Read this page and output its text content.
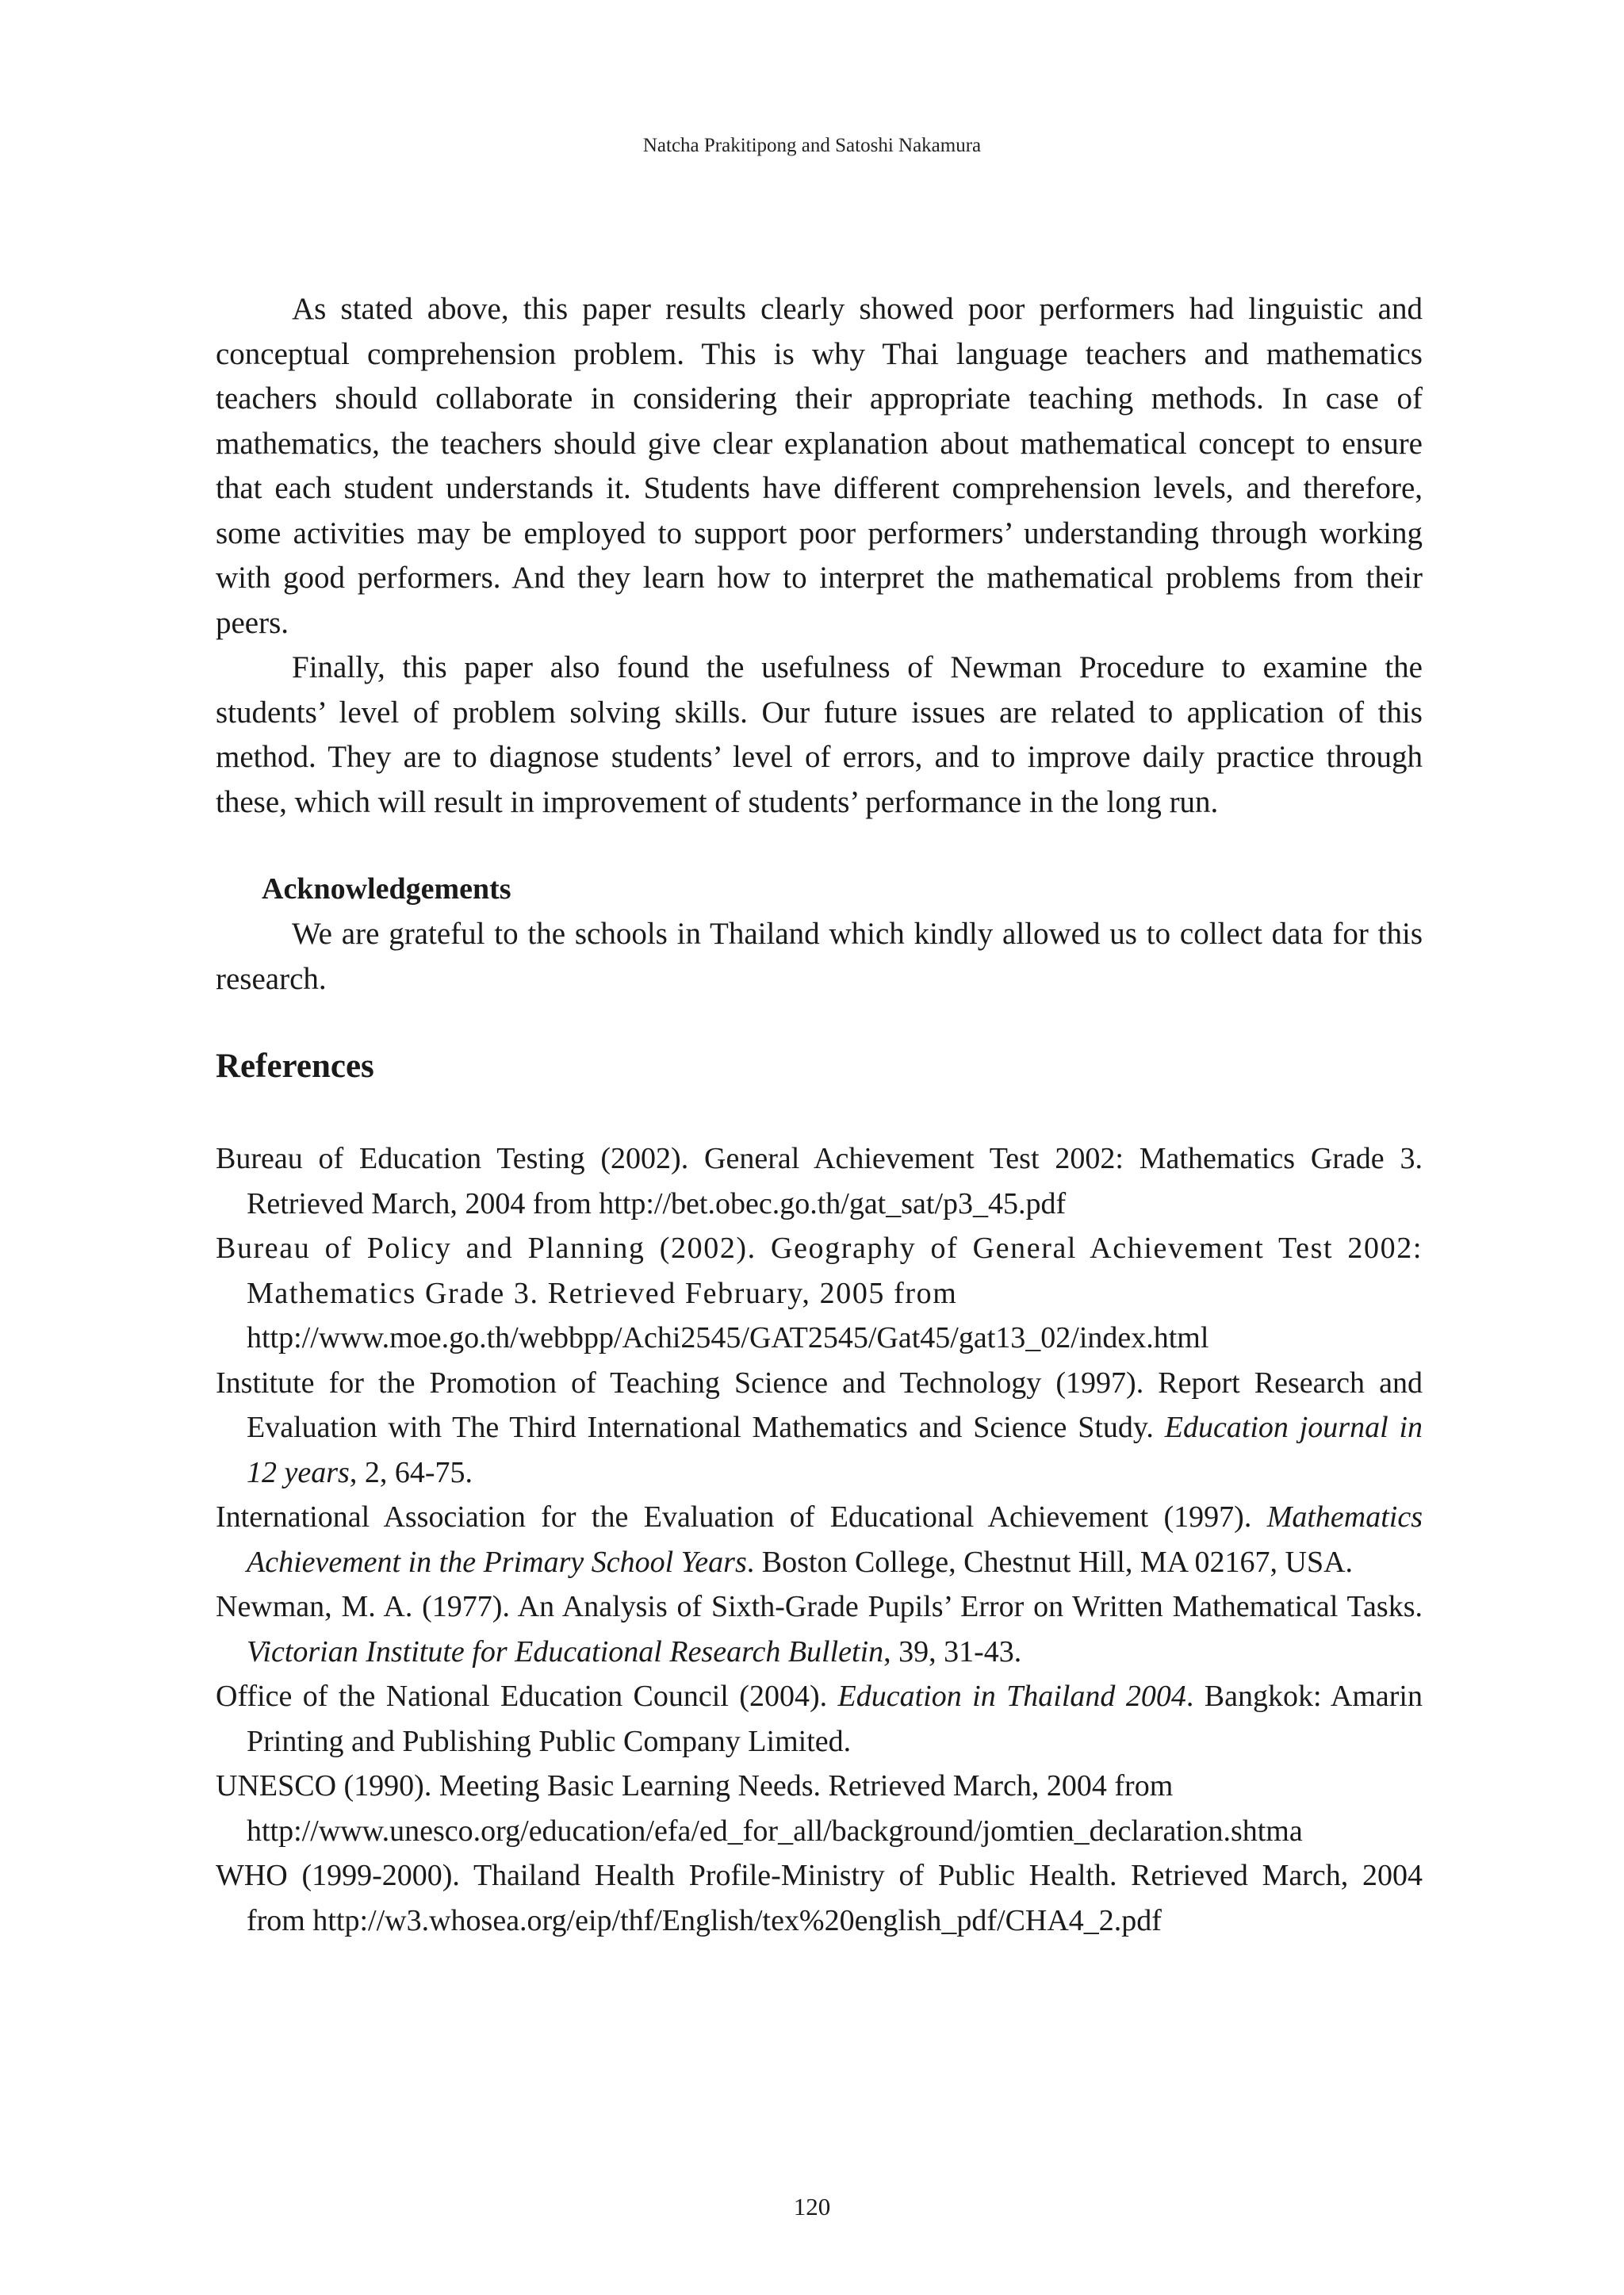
Natcha Prakitipong and Satoshi Nakamura

As stated above, this paper results clearly showed poor performers had linguistic and conceptual comprehension problem. This is why Thai language teachers and mathematics teachers should collaborate in considering their appropriate teaching methods. In case of mathematics, the teachers should give clear explanation about mathematical concept to ensure that each student understands it. Students have different comprehension levels, and therefore, some activities may be employed to support poor performers’ understanding through working with good performers. And they learn how to interpret the mathematical problems from their peers.

Finally, this paper also found the usefulness of Newman Procedure to examine the students’ level of problem solving skills. Our future issues are related to application of this method. They are to diagnose students’ level of errors, and to improve daily practice through these, which will result in improvement of students’ performance in the long run.

Acknowledgements

We are grateful to the schools in Thailand which kindly allowed us to collect data for this research.

References
Bureau of Education Testing (2002). General Achievement Test 2002: Mathematics Grade 3. Retrieved March, 2004 from http://bet.obec.go.th/gat_sat/p3_45.pdf
Bureau of Policy and Planning (2002). Geography of General Achievement Test 2002: Mathematics Grade 3. Retrieved February, 2005 from
http://www.moe.go.th/webbpp/Achi2545/GAT2545/Gat45/gat13_02/index.html
Institute for the Promotion of Teaching Science and Technology (1997). Report Research and Evaluation with The Third International Mathematics and Science Study. Education journal in 12 years, 2, 64-75.
International Association for the Evaluation of Educational Achievement (1997). Mathematics Achievement in the Primary School Years. Boston College, Chestnut Hill, MA 02167, USA.
Newman, M. A. (1977). An Analysis of Sixth-Grade Pupils’ Error on Written Mathematical Tasks. Victorian Institute for Educational Research Bulletin, 39, 31-43.
Office of the National Education Council (2004). Education in Thailand 2004. Bangkok: Amarin Printing and Publishing Public Company Limited.
UNESCO (1990). Meeting Basic Learning Needs. Retrieved March, 2004 from
http://www.unesco.org/education/efa/ed_for_all/background/jomtien_declaration.shtma
WHO (1999-2000). Thailand Health Profile-Ministry of Public Health. Retrieved March, 2004 from http://w3.whosea.org/eip/thf/English/tex%20english_pdf/CHA4_2.pdf
120
